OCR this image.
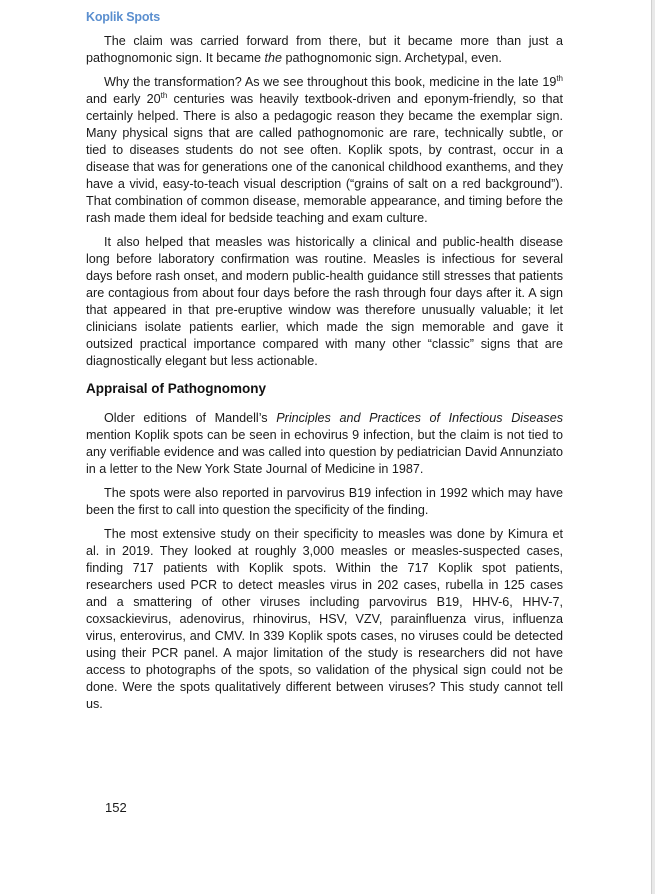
Koplik Spots

The claim was carried forward from there, but it became more than just a pathognomonic sign. It became the pathognomonic sign. Archetypal, even.

Why the transformation? As we see throughout this book, medicine in the late 19th and early 20th centuries was heavily textbook-driven and eponym-friendly, so that certainly helped. There is also a pedagogic reason they became the exemplar sign. Many physical signs that are called pathognomonic are rare, technically subtle, or tied to diseases students do not see often. Koplik spots, by contrast, occur in a disease that was for generations one of the canonical childhood exanthems, and they have a vivid, easy-to-teach visual description (“grains of salt on a red background”). That combination of common disease, memorable appearance, and timing before the rash made them ideal for bedside teaching and exam culture.

It also helped that measles was historically a clinical and public-health disease long before laboratory confirmation was routine. Measles is infectious for several days before rash onset, and modern public-health guidance still stresses that patients are contagious from about four days before the rash through four days after it. A sign that appeared in that pre-eruptive window was therefore unusually valuable; it let clinicians isolate patients earlier, which made the sign memorable and gave it outsized practical importance compared with many other “classic” signs that are diagnostically elegant but less actionable.

Appraisal of Pathognomony

Older editions of Mandell’s Principles and Practices of Infectious Diseases mention Koplik spots can be seen in echovirus 9 infection, but the claim is not tied to any verifiable evidence and was called into question by pediatrician David Annunziato in a letter to the New York State Journal of Medicine in 1987.

The spots were also reported in parvovirus B19 infection in 1992 which may have been the first to call into question the specificity of the finding.

The most extensive study on their specificity to measles was done by Kimura et al. in 2019. They looked at roughly 3,000 measles or measles-suspected cases, finding 717 patients with Koplik spots. Within the 717 Koplik spot patients, researchers used PCR to detect measles virus in 202 cases, rubella in 125 cases and a smattering of other viruses including parvovirus B19, HHV-6, HHV-7, coxsackievirus, adenovirus, rhinovirus, HSV, VZV, parainfluenza virus, influenza virus, enterovirus, and CMV. In 339 Koplik spots cases, no viruses could be detected using their PCR panel. A major limitation of the study is researchers did not have access to photographs of the spots, so validation of the physical sign could not be done. Were the spots qualitatively different between viruses? This study cannot tell us.

152
